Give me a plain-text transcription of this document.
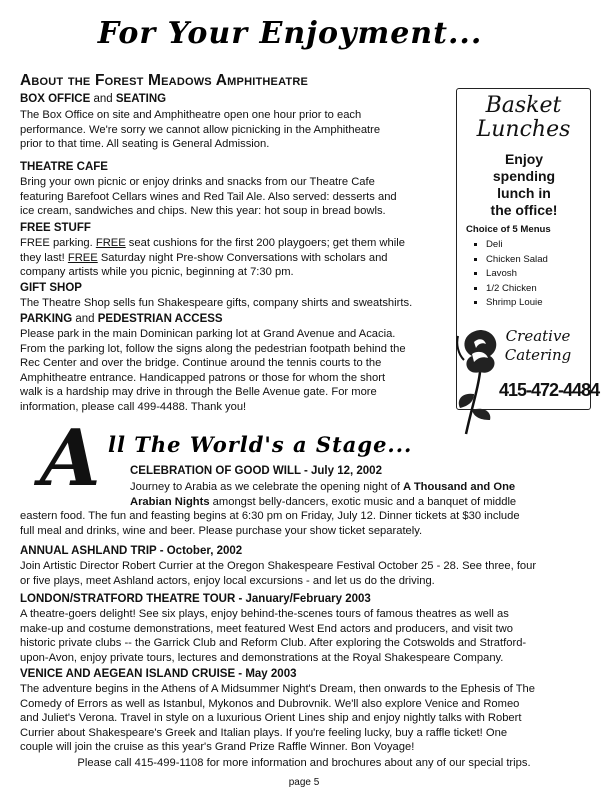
For Your Enjoyment...
About the Forest Meadows Amphitheatre
BOX OFFICE and SEATING
The Box Office on site and Amphitheatre open one hour prior to each
performance. We're sorry we cannot allow picnicking in the Amphitheatre
prior to that time. All seating is General Admission.
THEATRE CAFE
Bring your own picnic or enjoy drinks and snacks from our Theatre Cafe
featuring Barefoot Cellars wines and Red Tail Ale. Also served: desserts and
ice cream, sandwiches and chips. New this year: hot soup in bread bowls.
FREE STUFF
FREE parking. FREE seat cushions for the first 200 playgoers; get them while
they last! FREE Saturday night Pre-show Conversations with scholars and
company artists while you picnic, beginning at 7:30 pm.
GIFT SHOP
The Theatre Shop sells fun Shakespeare gifts, company shirts and sweatshirts.
PARKING and PEDESTRIAN ACCESS
Please park in the main Dominican parking lot at Grand Avenue and Acacia.
From the parking lot, follow the signs along the pedestrian footpath behind the
Rec Center and over the bridge. Continue around the tennis courts to the
Amphitheatre entrance. Handicapped patrons or those for whom the short
walk is a hardship may drive in through the Belle Avenue gate. For more
information, please call 499-4488. Thank you!
Basket
Lunches
Enjoy
spending
lunch in
the office!
Choice of 5 Menus
▪ Deli
▪ Chicken Salad
▪ Lavosh
▪ 1/2 Chicken
▪ Shrimp Louie
Creative
Catering
415-472-4484
A ll The World's a Stage...
CELEBRATION OF GOOD WILL - July 12, 2002
Journey to Arabia as we celebrate the opening night of A Thousand and One
Arabian Nights amongst belly-dancers, exotic music and a banquet of middle
eastern food. The fun and feasting begins at 6:30 pm on Friday, July 12. Dinner tickets at $30 include
full meal and drinks, wine and beer. Please purchase your show ticket separately.
ANNUAL ASHLAND TRIP - October, 2002
Join Artistic Director Robert Currier at the Oregon Shakespeare Festival October 25 - 28. See three, four
or five plays, meet Ashland actors, enjoy local excursions - and let us do the driving.
LONDON/STRATFORD THEATRE TOUR - January/February 2003
A theatre-goers delight! See six plays, enjoy behind-the-scenes tours of famous theatres as well as
make-up and costume demonstrations, meet featured West End actors and producers, and visit two
historic private clubs -- the Garrick Club and Reform Club. After exploring the Cotswolds and Stratford-
upon-Avon, enjoy private tours, lectures and demonstrations at the Royal Shakespeare Company.
VENICE AND AEGEAN ISLAND CRUISE - May 2003
The adventure begins in the Athens of A Midsummer Night's Dream, then onwards to the Ephesis of The
Comedy of Errors as well as Istanbul, Mykonos and Dubrovnik. We'll also explore Venice and Romeo
and Juliet's Verona. Travel in style on a luxurious Orient Lines ship and enjoy nightly talks with Robert
Currier about Shakespeare's Greek and Italian plays. If you're feeling lucky, buy a raffle ticket! One
couple will join the cruise as this year's Grand Prize Raffle Winner. Bon Voyage!
Please call 415-499-1108 for more information and brochures about any of our special trips.
page 5
